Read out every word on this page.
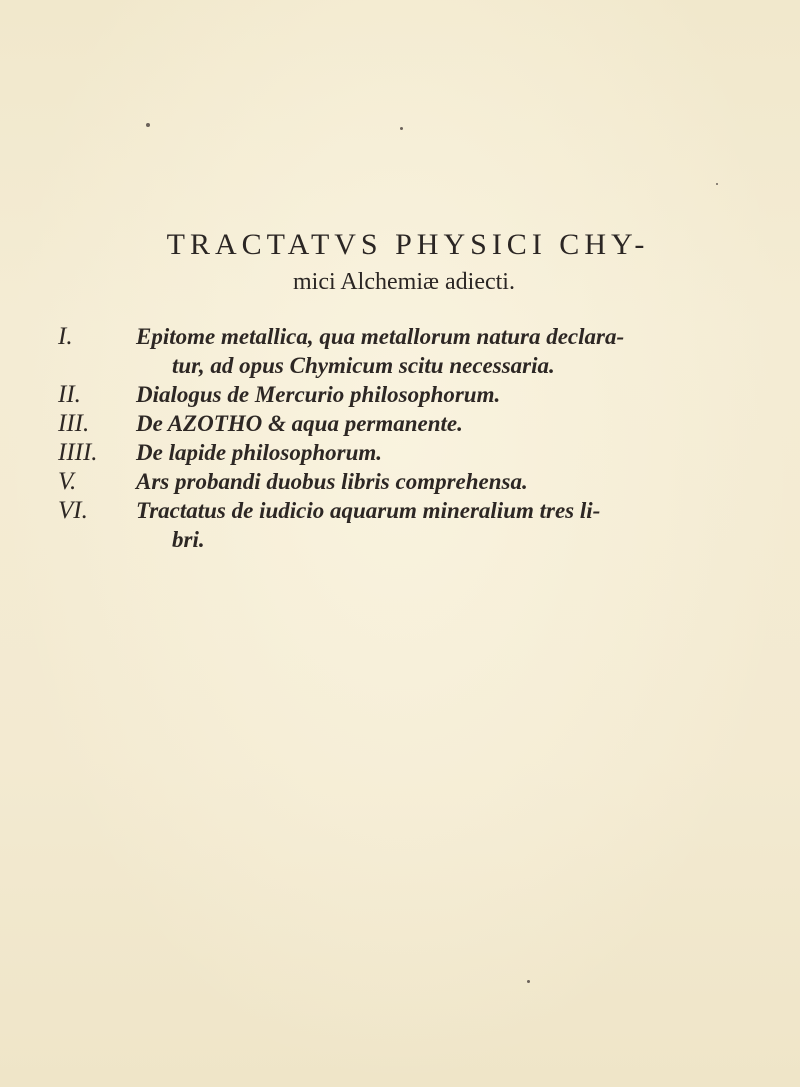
TRACTATVS PHYSICI CHY-
mici Alchemiæ adiecti.
I.	Epitome metallica, qua metallorum natura declara-
tur, ad opus Chymicum scitu necessaria.
II.	Dialogus de Mercurio philosophorum.
III.	De AZOTHO & aqua permanente.
IIII.	De lapide philosophorum.
V.	Ars probandi duobus libris comprehensa.
VI.	Tractatus de iudicio aquarum mineralium tres li-
bri.
